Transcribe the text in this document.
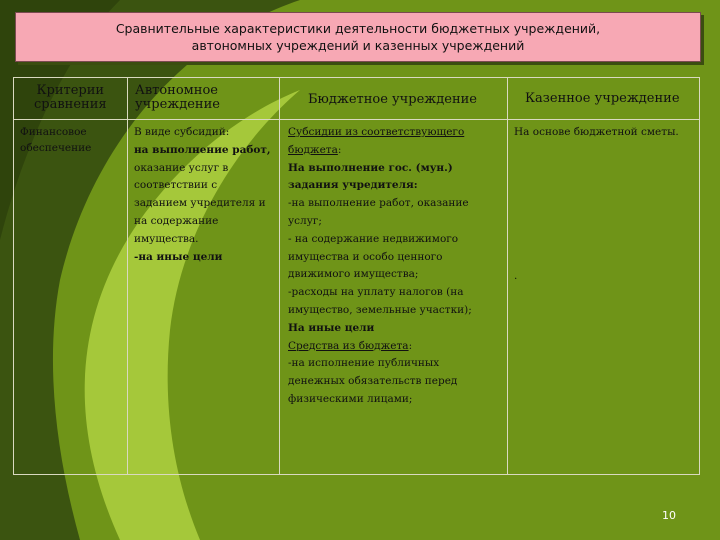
Сравнительные характеристики деятельности бюджетных учреждений,
автономных учреждений и казенных учреждений
Критерии
сравнения
Автономное
учреждение	Бюджетное учреждение	Казенное учреждение

Финансовое

обеспечение

В виде субсидий:

на выполнение работ,

оказание услуг в

соответствии с

заданием учредителя и

на содержание

имущества.

-на иные цели

Субсидии из соответствующего

бюджета:

На выполнение гос. (мун.)

задания учредителя:

-на выполнение работ, оказание

услуг;

- на содержание недвижимого

имущества и особо ценного

движимого имущества;

-расходы на уплату налогов (на

имущество, земельные участки);

На иные цели

Средства из бюджета:

-на исполнение публичных

денежных обязательств перед

физическими лицами;

На основе бюджетной сметы.

.
10
